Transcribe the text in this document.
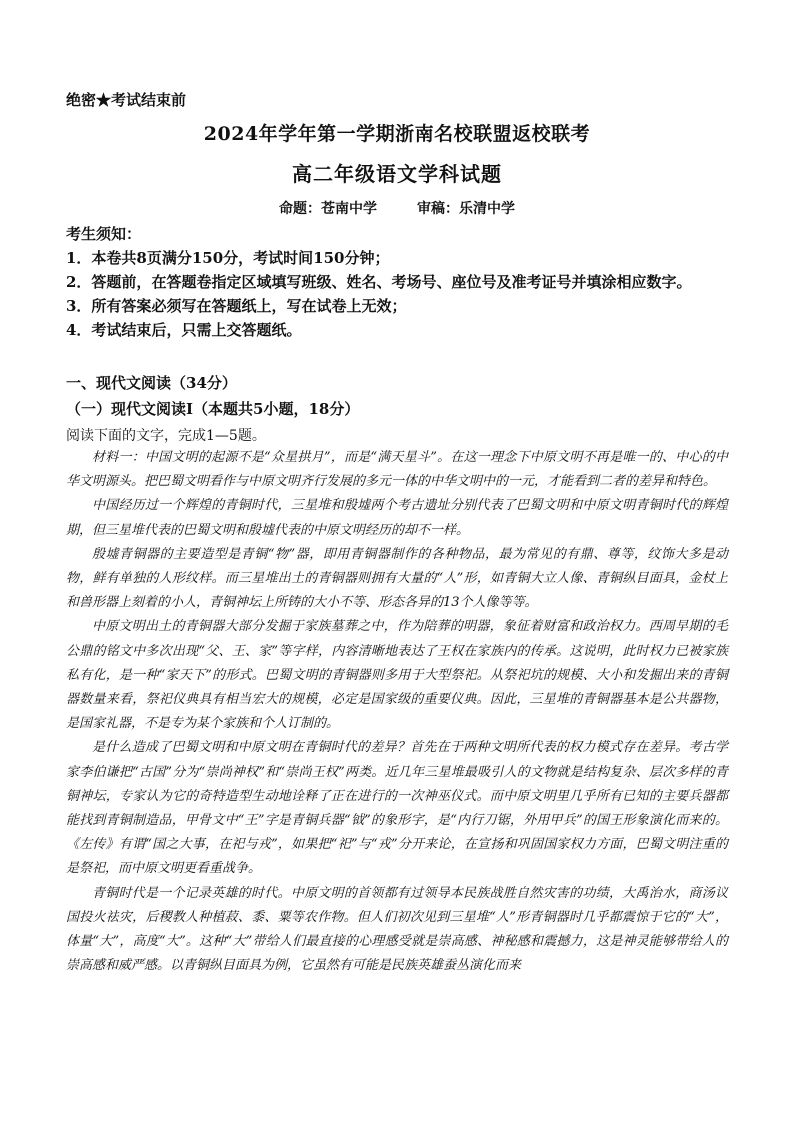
绝密★考试结束前
2024年学年第一学期浙南名校联盟返校联考
高二年级语文学科试题
命题：苍南中学	审稿：乐清中学

考生须知：

1．本卷共8页满分150分，考试时间150分钟；

2．答题前，在答题卷指定区域填写班级、姓名、考场号、座位号及准考证号并填涂相应数字。

3．所有答案必须写在答题纸上，写在试卷上无效；

4．考试结束后，只需上交答题纸。

一、现代文阅读（34分）
（一）现代文阅读Ⅰ（本题共5小题，18分）
阅读下面的文字，完成1—5题。

材料一：中国文明的起源不是“众星拱月”，而是“满天星斗”。在这一理念下中原文明不再是唯一的、中心的中华文明源头。把巴蜀文明看作与中原文明齐行发展的多元一体的中华文明中的一元，才能看到二者的差异和特色。

中国经历过一个辉煌的青铜时代，三星堆和殷墟两个考古遗址分别代表了巴蜀文明和中原文明青铜时代的辉煌期，但三星堆代表的巴蜀文明和殷墟代表的中原文明经历的却不一样。

殷墟青铜器的主要造型是青铜“物”器，即用青铜器制作的各种物品，最为常见的有鼎、尊等，纹饰大多是动物，鲜有单独的人形纹样。而三星堆出土的青铜器则拥有大量的“人”形，如青铜大立人像、青铜纵目面具，金杖上和兽形器上刻着的小人，青铜神坛上所铸的大小不等、形态各异的13个人像等等。

中原文明出土的青铜器大部分发掘于家族墓葬之中，作为陪葬的明器，象征着财富和政治权力。西周早期的毛公鼎的铭文中多次出现“父、王、家”等字样，内容清晰地表达了王权在家族内的传承。这说明，此时权力已被家族私有化，是一种“家天下”的形式。巴蜀文明的青铜器则多用于大型祭祀。从祭祀坑的规模、大小和发掘出来的青铜器数量来看，祭祀仪典具有相当宏大的规模，必定是国家级的重要仪典。因此，三星堆的青铜器基本是公共器物，是国家礼器，不是专为某个家族和个人订制的。

是什么造成了巴蜀文明和中原文明在青铜时代的差异？首先在于两种文明所代表的权力模式存在差异。考古学家李伯谦把“古国”分为“崇尚神权”和“崇尚王权”两类。近几年三星堆最吸引人的文物就是结构复杂、层次多样的青铜神坛，专家认为它的奇特造型生动地诠释了正在进行的一次神巫仪式。而中原文明里几乎所有已知的主要兵器都能找到青铜制造品，甲骨文中“王”字是青铜兵器“钺”的象形字，是“内行刀锯，外用甲兵”的国王形象演化而来的。《左传》有谓“国之大事，在祀与戎”，如果把“祀”与“戎”分开来论，在宣扬和巩固国家权力方面，巴蜀文明注重的是祭祀，而中原文明更看重战争。

青铜时代是一个记录英雄的时代。中原文明的首领都有过领导本民族战胜自然灾害的功绩，大禹治水，商汤议国投火祛灾，后稷教人种植菽、黍、粟等农作物。但人们初次见到三星堆“人”形青铜器时几乎都震惊于它的“大”，体量“大”，高度“大”。这种“大”带给人们最直接的心理感受就是崇高感、神秘感和震撼力，这是神灵能够带给人的崇高感和威严感。以青铜纵目面具为例，它虽然有可能是民族英雄蚕丛演化而来
